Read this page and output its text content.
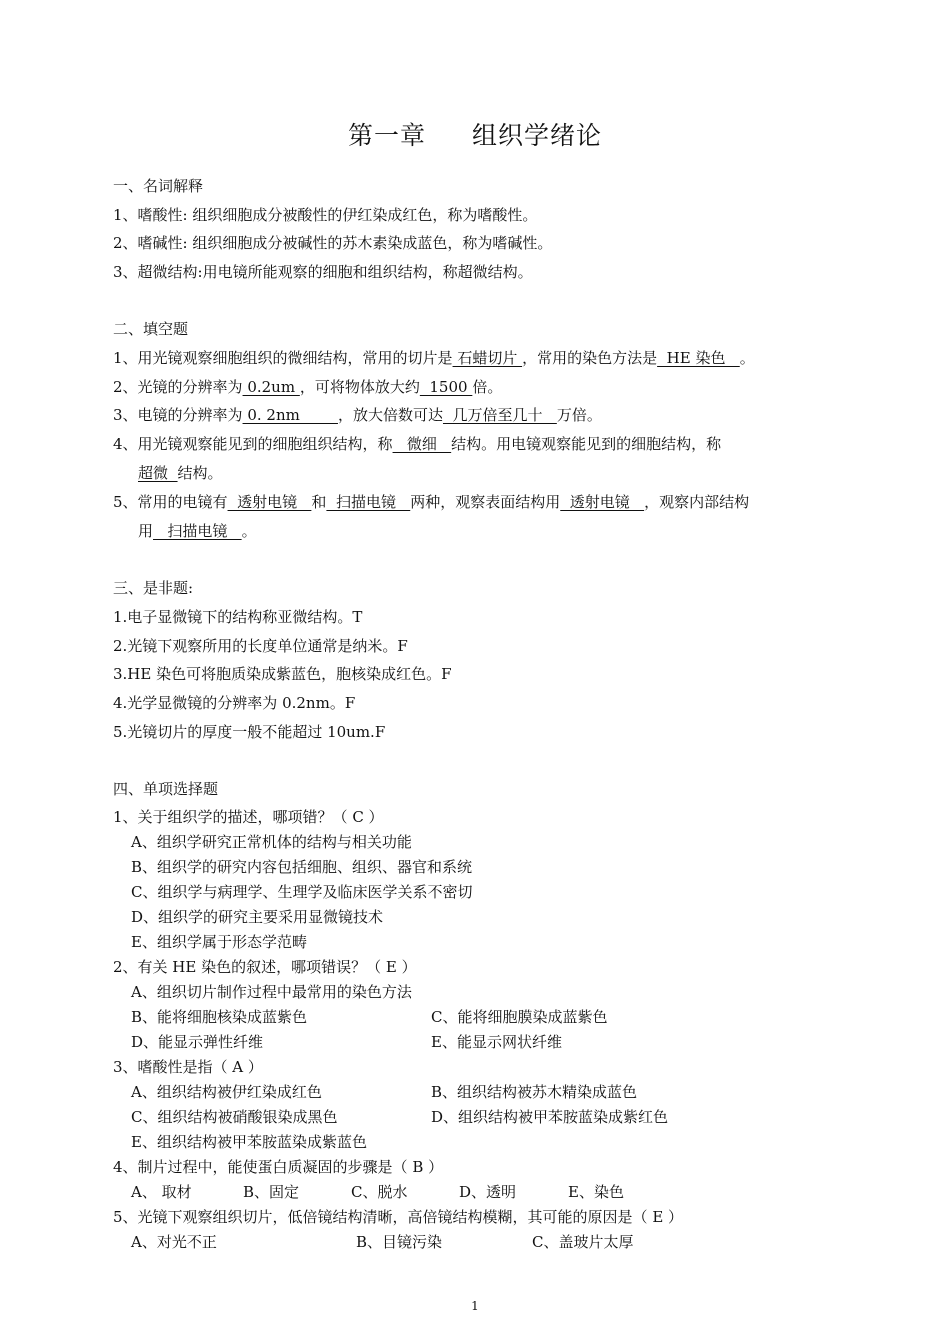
第一章 组织学绪论
一、名词解释
1、嗜酸性: 组织细胞成分被酸性的伊红染成红色，称为嗜酸性。
2、嗜碱性: 组织细胞成分被碱性的苏木素染成蓝色，称为嗜碱性。
3、超微结构:用电镜所能观察的细胞和组织结构，称超微结构。
二、填空题
1、用光镜观察细胞组织的微细结构，常用的切片是 石蜡切片 ，常用的染色方法是  HE 染色   。
2、光镜的分辨率为 0.2um ，可将物体放大约  1500 倍。
3、电镜的分辨率为 0. 2nm        ，放大倍数可达  几万倍至几十   万倍。
4、用光镜观察能见到的细胞组织结构，称   微细   结构。用电镜观察能见到的细胞结构，称
超微  结构。
5、常用的电镜有  透射电镜   和  扫描电镜   两种，观察表面结构用  透射电镜   ，观察内部结构
用   扫描电镜   。
三、是非题:
1.电子显微镜下的结构称亚微结构。T
2.光镜下观察所用的长度单位通常是纳米。F
3.HE 染色可将胞质染成紫蓝色，胞核染成红色。F
4.光学显微镜的分辨率为 0.2nm。F
5.光镜切片的厚度一般不能超过 10um.F
四、单项选择题
1、关于组织学的描述，哪项错？（ C ）
A、组织学研究正常机体的结构与相关功能
B、组织学的研究内容包括细胞、组织、器官和系统
C、组织学与病理学、生理学及临床医学关系不密切
D、组织学的研究主要采用显微镜技术
E、组织学属于形态学范畴
2、有关 HE 染色的叙述，哪项错误？（ E ）
A、组织切片制作过程中最常用的染色方法
B、能将细胞核染成蓝紫色	C、能将细胞膜染成蓝紫色
D、能显示弹性纤维	E、能显示网状纤维
3、嗜酸性是指（ A ）
A、组织结构被伊红染成红色	B、组织结构被苏木精染成蓝色
C、组织结构被硝酸银染成黑色	D、组织结构被甲苯胺蓝染成紫红色
E、组织结构被甲苯胺蓝染成紫蓝色
4、制片过程中，能使蛋白质凝固的步骤是（ B ）
A、 取材	B、固定	C、脱水	D、透明	E、染色
5、光镜下观察组织切片，低倍镜结构清晰，高倍镜结构模糊，其可能的原因是（ E ）
A、对光不正	B、目镜污染	C、盖玻片太厚
1
